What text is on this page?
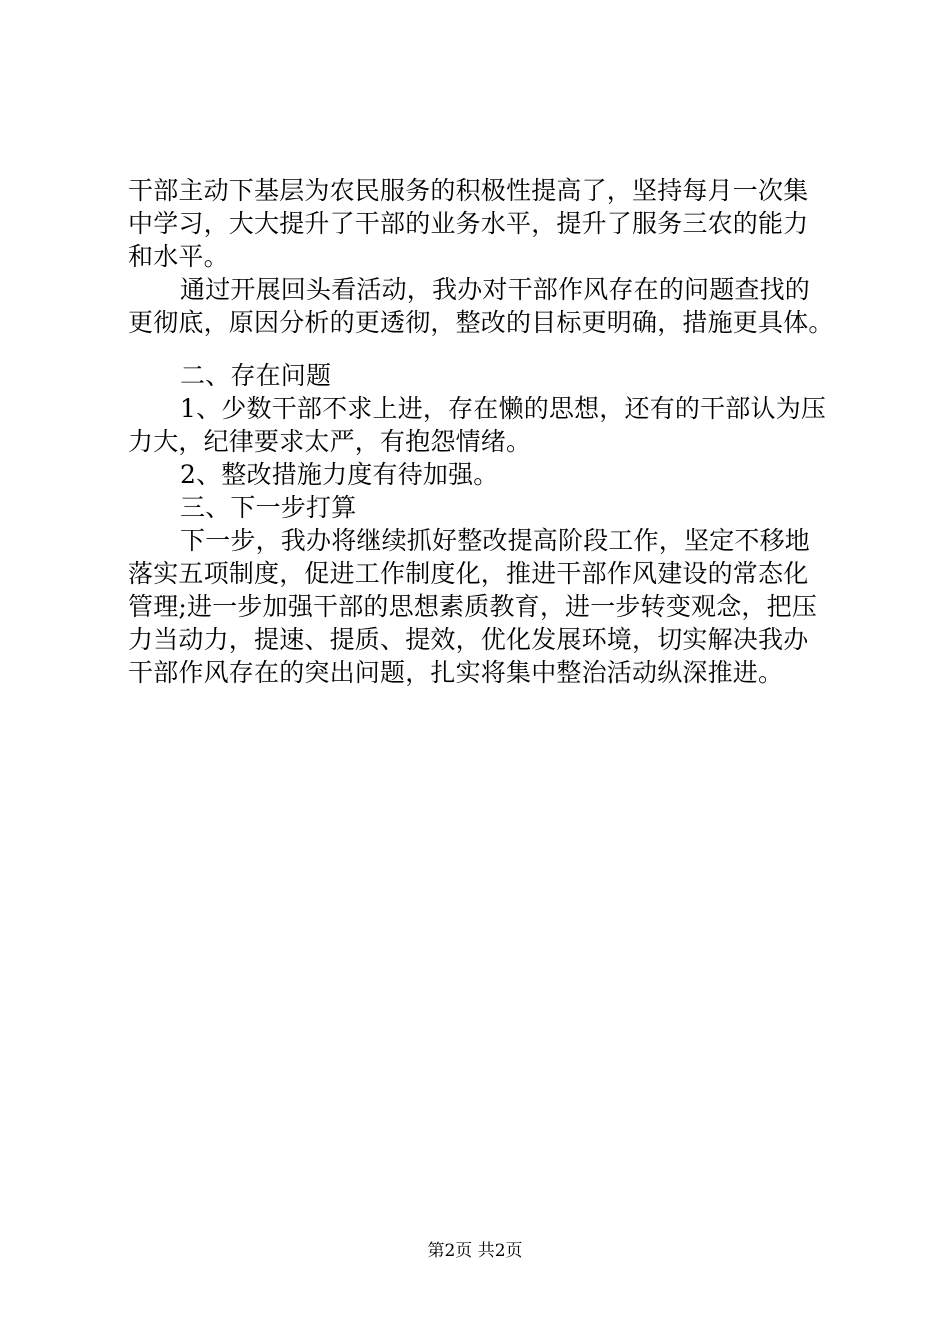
干部主动下基层为农民服务的积极性提高了，坚持每月一次集
中学习，大大提升了干部的业务水平，提升了服务三农的能力
和水平。
通过开展回头看活动，我办对干部作风存在的问题查找的
更彻底，原因分析的更透彻，整改的目标更明确，措施更具体。
二、存在问题
1、少数干部不求上进，存在懒的思想，还有的干部认为压
力大，纪律要求太严，有抱怨情绪。
2、整改措施力度有待加强。
三、下一步打算
下一步，我办将继续抓好整改提高阶段工作，坚定不移地
落实五项制度，促进工作制度化，推进干部作风建设的常态化
管理;进一步加强干部的思想素质教育，进一步转变观念，把压
力当动力，提速、提质、提效，优化发展环境，切实解决我办
干部作风存在的突出问题，扎实将集中整治活动纵深推进。
第2页 共2页
